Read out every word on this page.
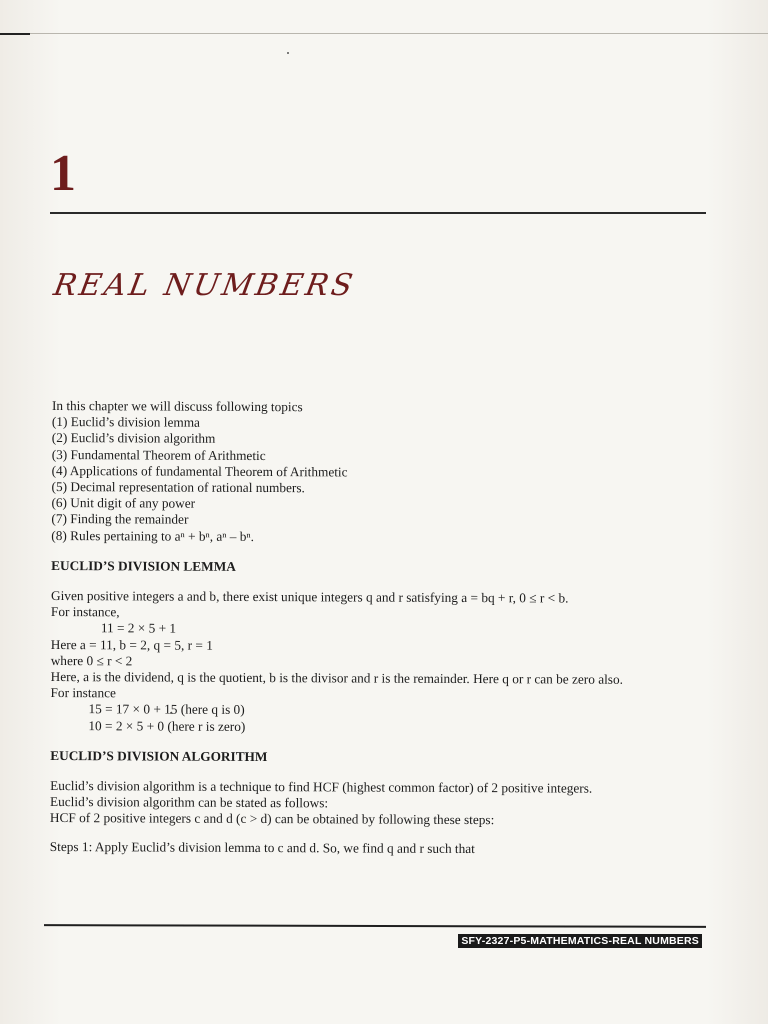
1
REAL NUMBERS

In this chapter we will discuss following topics

(1) Euclid’s division lemma

(2) Euclid’s division algorithm

(3) Fundamental Theorem of Arithmetic

(4) Applications of fundamental Theorem of Arithmetic

(5) Decimal representation of rational numbers.

(6) Unit digit of any power

(7) Finding the remainder

(8) Rules pertaining to aⁿ + bⁿ, aⁿ – bⁿ.

EUCLID’S DIVISION LEMMA

Given positive integers a and b, there exist unique integers q and r satisfying a = bq + r, 0 ≤ r < b.

For instance,

11 = 2 × 5 + 1

Here a = 11, b = 2, q = 5, r = 1

where 0 ≤ r < 2

Here, a is the dividend, q is the quotient, b is the divisor and r is the remainder. Here q or r can be zero also.

For instance

15 = 17 × 0 + 15 (here q is 0)

10 = 2 × 5 + 0 (here r is zero)

EUCLID’S DIVISION ALGORITHM

Euclid’s division algorithm is a technique to find HCF (highest common factor) of 2 positive integers.

Euclid’s division algorithm can be stated as follows:

HCF of 2 positive integers c and d (c > d) can be obtained by following these steps:

Steps 1: Apply Euclid’s division lemma to c and d. So, we find q and r such that

SFY-2327-P5-MATHEMATICS-REAL NUMBERS
